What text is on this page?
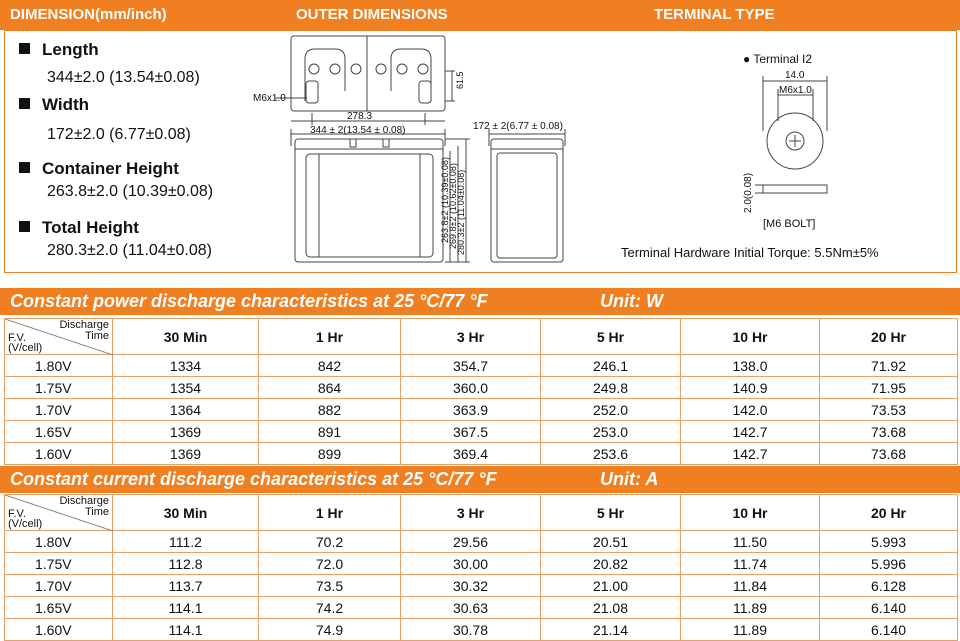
DIMENSION(mm/inch)	OUTER DIMENSIONS	TERMINAL TYPE
Length
344±2.0 (13.54±0.08)
Width
172±2.0 (6.77±0.08)
Container Height
263.8±2.0 (10.39±0.08)
Total Height
280.3±2.0 (11.04±0.08)
M6x1.0
278.3
61.5
344 ± 2(13.54 ± 0.08)	172 ± 2(6.77 ± 0.08)
263.8±2 (10.39±0.08)
269.8±2 (10.62±0.08)
280.3±2 (11.04±0.08)
● Terminal I2
14.0
M6x1.0
2.0(0.08)
[M6 BOLT]
Terminal Hardware Initial Torque: 5.5Nm±5%
Constant power discharge characteristics at 25 °C/77 °F	Unit: W
Discharge
Time
F.V.
(V/cell)	30 Min	1 Hr	3 Hr	5 Hr	10 Hr	20 Hr
1.80V	1334	842	354.7	246.1	138.0	71.92
1.75V	1354	864	360.0	249.8	140.9	71.95
1.70V	1364	882	363.9	252.0	142.0	73.53
1.65V	1369	891	367.5	253.0	142.7	73.68
1.60V	1369	899	369.4	253.6	142.7	73.68
Constant current discharge characteristics at 25 °C/77 °F	Unit: A
Discharge
Time
F.V.
(V/cell)	30 Min	1 Hr	3 Hr	5 Hr	10 Hr	20 Hr
1.80V	111.2	70.2	29.56	20.51	11.50	5.993
1.75V	112.8	72.0	30.00	20.82	11.74	5.996
1.70V	113.7	73.5	30.32	21.00	11.84	6.128
1.65V	114.1	74.2	30.63	21.08	11.89	6.140
1.60V	114.1	74.9	30.78	21.14	11.89	6.140
